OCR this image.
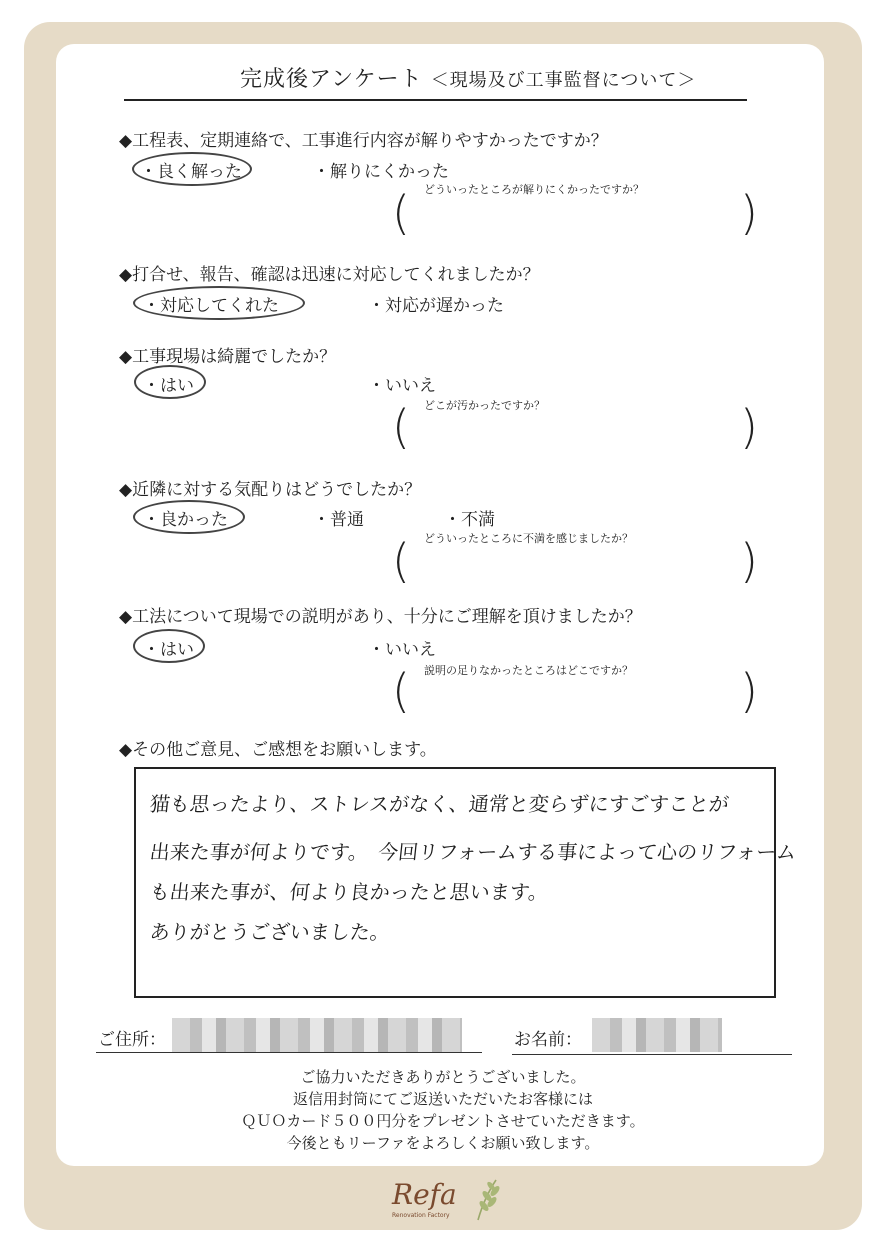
完成後アンケート ＜現場及び工事監督について＞
◆工程表、定期連絡で、工事進行内容が解りやすかったですか？
・良く解った	・解りにくかった
どういったところが解りにくかったですか？
(	)
◆打合せ、報告、確認は迅速に対応してくれましたか？
・対応してくれた	・対応が遅かった
◆工事現場は綺麗でしたか？
・はい	・いいえ
どこが汚かったですか？
(	)
◆近隣に対する気配りはどうでしたか？
・良かった	・普通	・不満
どういったところに不満を感じましたか？
(	)
◆工法について現場での説明があり、十分にご理解を頂けましたか？
・はい	・いいえ
説明の足りなかったところはどこですか？
(	)
◆その他ご意見、ご感想をお願いします。
猫も思ったより、ストレスがなく、通常と変らずにすごすことが
出来た事が何よりです。　今回リフォームする事によって心のリフォーム
も出来た事が、何より良かったと思います。
ありがとうございました。
ご住所：	お名前：
ご協力いただきありがとうございました。
返信用封筒にてご返送いただいたお客様には
ＱＵＯカード５００円分をプレゼントさせていただきます。
今後ともリーファをよろしくお願い致します。
Refa
Renovation Factory
